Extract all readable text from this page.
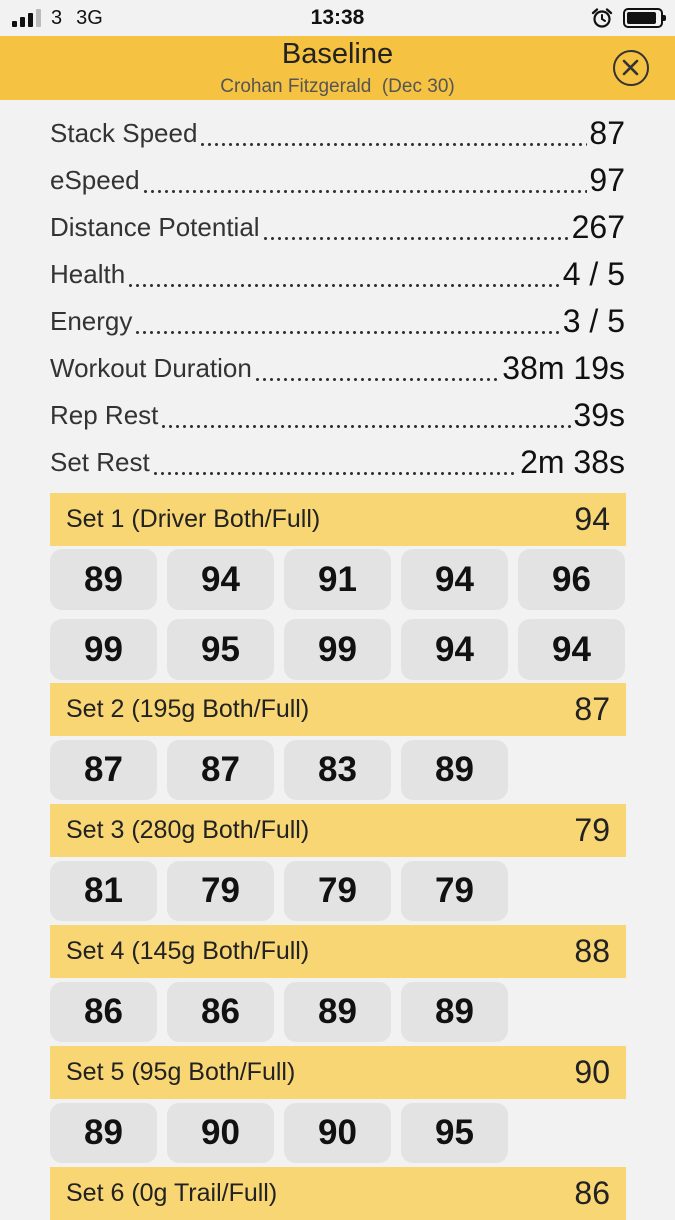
3 3G	13:38
Baseline
Crohan Fitzgerald  (Dec 30)
Stack Speed	87
eSpeed	97
Distance Potential	267
Health	4 / 5
Energy	3 / 5
Workout Duration	38m 19s
Rep Rest	39s
Set Rest	2m 38s
Set 1 (Driver Both/Full)	94
89	94	91	94	96
99	95	99	94	94
Set 2 (195g Both/Full)	87
87	87	83	89
Set 3 (280g Both/Full)	79
81	79	79	79
Set 4 (145g Both/Full)	88
86	86	89	89
Set 5 (95g Both/Full)	90
89	90	90	95
Set 6 (0g Trail/Full)	86
